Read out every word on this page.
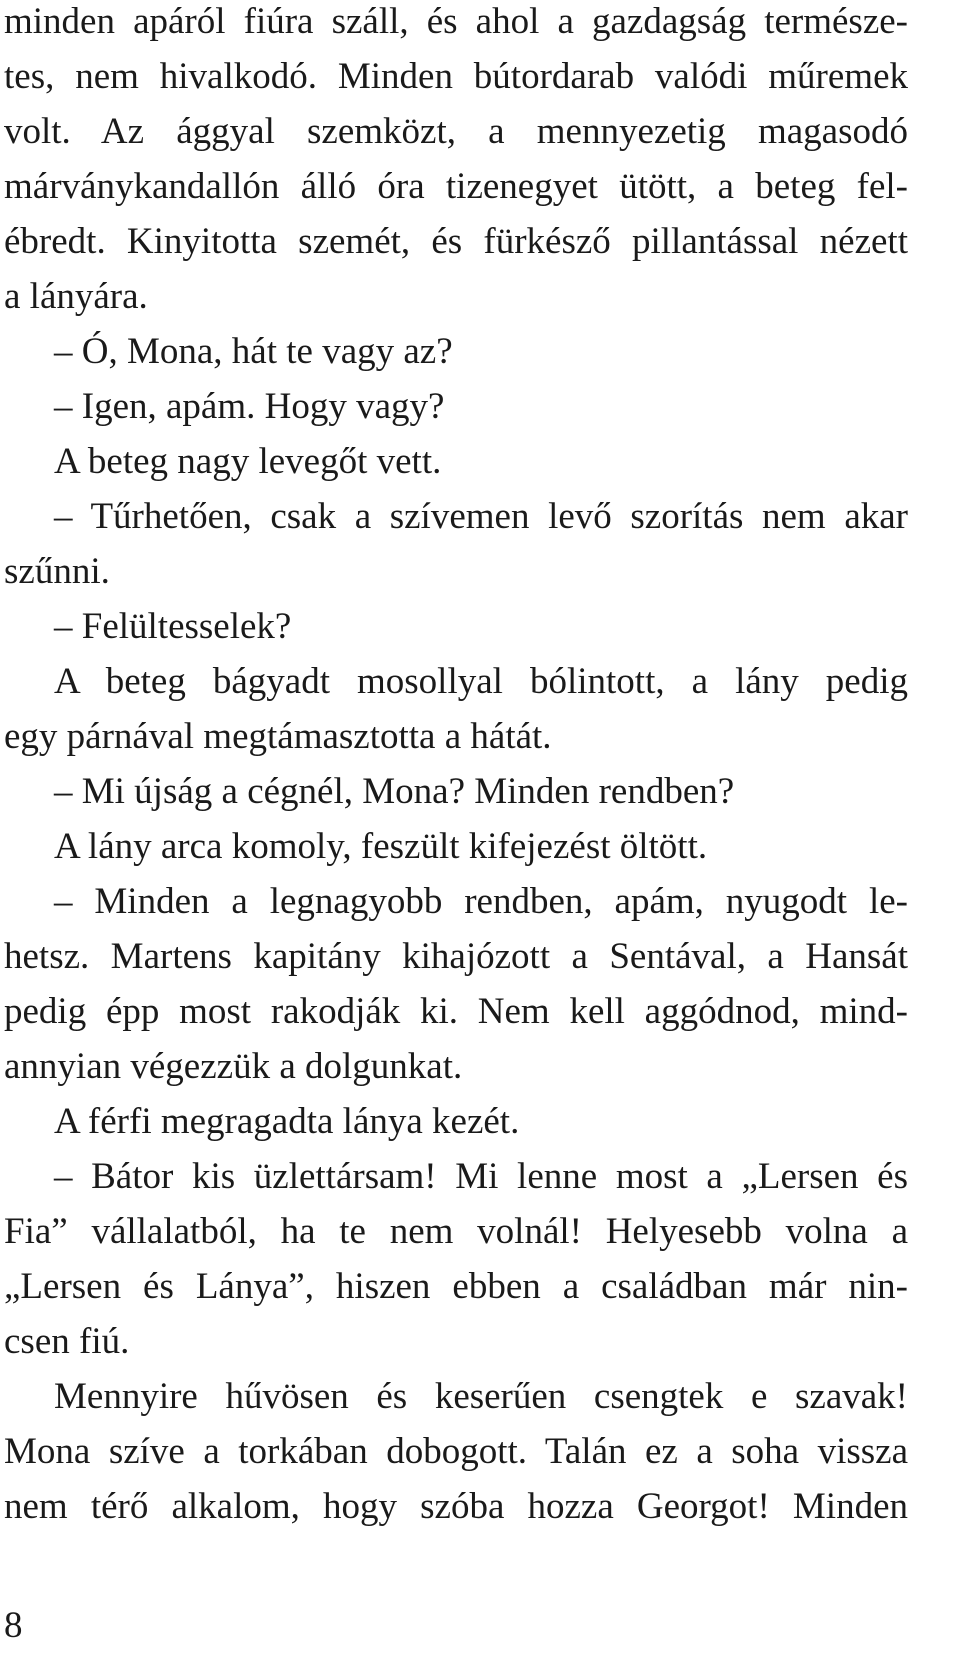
minden apáról fiúra száll, és ahol a gazdagság természe-
tes, nem hivalkodó. Minden bútordarab valódi műremek
volt. Az ággyal szemközt, a mennyezetig magasodó
márványkandallón álló óra tizenegyet ütött, a beteg fel-
ébredt. Kinyitotta szemét, és fürkésző pillantással nézett
a lányára.
– Ó, Mona, hát te vagy az?
– Igen, apám. Hogy vagy?
A beteg nagy levegőt vett.
– Tűrhetően, csak a szívemen levő szorítás nem akar
szűnni.
– Felültesselek?
A beteg bágyadt mosollyal bólintott, a lány pedig
egy párnával megtámasztotta a hátát.
– Mi újság a cégnél, Mona? Minden rendben?
A lány arca komoly, feszült kifejezést öltött.
– Minden a legnagyobb rendben, apám, nyugodt le-
hetsz. Martens kapitány kihajózott a Sentával, a Hansát
pedig épp most rakodják ki. Nem kell aggódnod, mind-
annyian végezzük a dolgunkat.
A férfi megragadta lánya kezét.
– Bátor kis üzlettársam! Mi lenne most a „Lersen és
Fia” vállalatból, ha te nem volnál! Helyesebb volna a
„Lersen és Lánya”, hiszen ebben a családban már nin-
csen fiú.
Mennyire hűvösen és keserűen csengtek e szavak!
Mona szíve a torkában dobogott. Talán ez a soha vissza
nem térő alkalom, hogy szóba hozza Georgot! Minden
8
